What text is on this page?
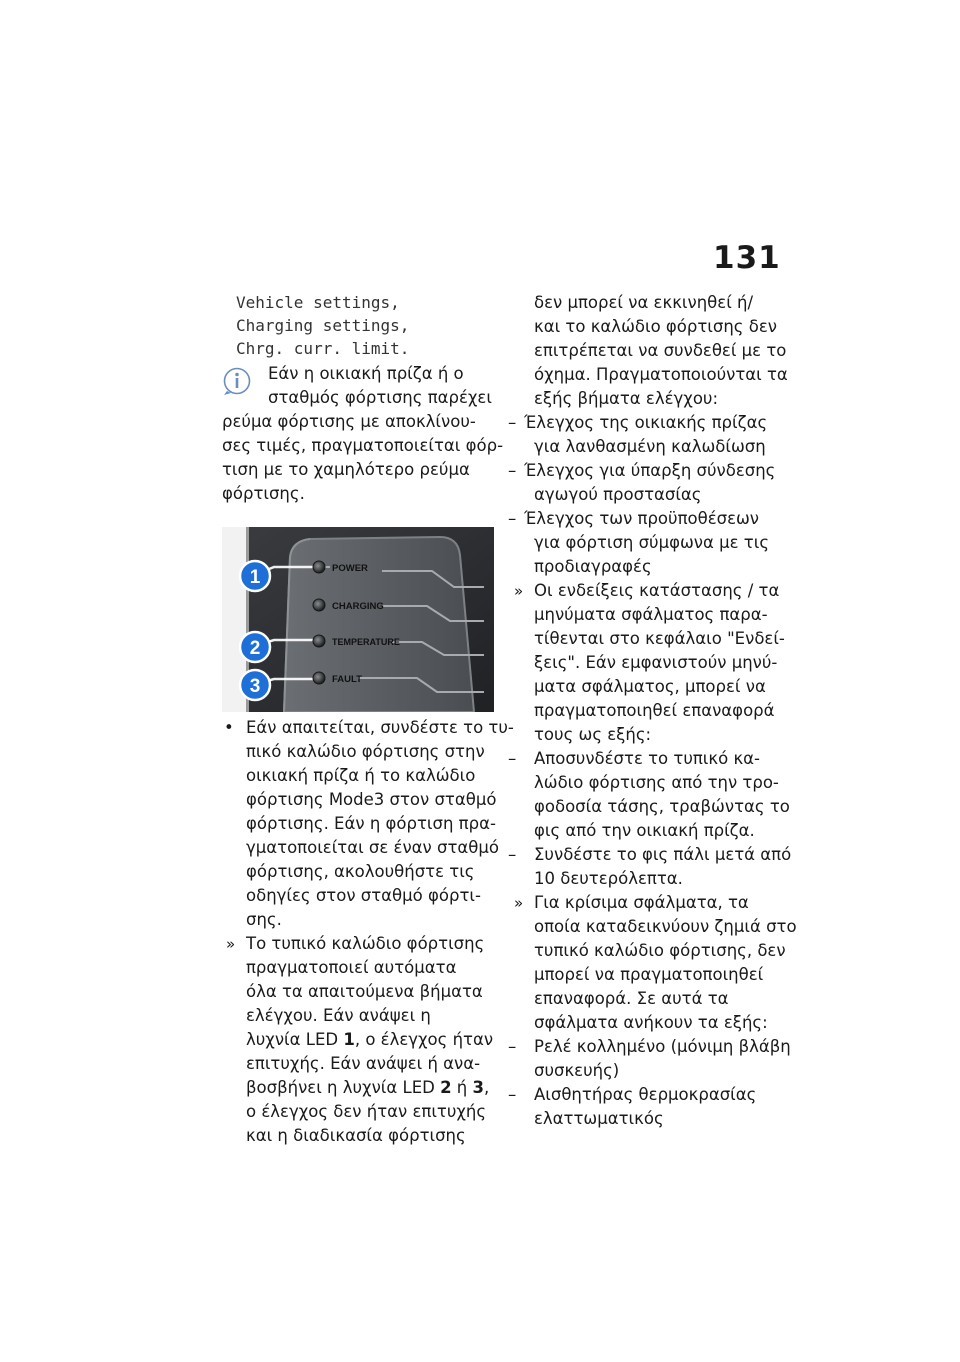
131
Vehicle settings,
Charging settings,
Chrg. curr. limit.
Εάν η οικιακή πρίζα ή ο
σταθμός φόρτισης παρέχει
ρεύμα φόρτισης με αποκλίνου-
σες τιμές, πραγματοποιείται φόρ-
τιση με το χαμηλότερο ρεύμα
φόρτισης.
POWER
CHARGING
TEMPERATURE
FAULT
1
2
3
• Εάν απαιτείται, συνδέστε το τυ-
πικό καλώδιο φόρτισης στην
οικιακή πρίζα ή το καλώδιο
φόρτισης Mode3 στον σταθμό
φόρτισης. Εάν η φόρτιση πρα-
γματοποιείται σε έναν σταθμό
φόρτισης, ακολουθήστε τις
οδηγίες στον σταθμό φόρτι-
σης.
» Το τυπικό καλώδιο φόρτισης
πραγματοποιεί αυτόματα
όλα τα απαιτούμενα βήματα
ελέγχου. Εάν ανάψει η
λυχνία LED 1, ο έλεγχος ήταν
επιτυχής. Εάν ανάψει ή ανα-
βοσβήνει η λυχνία LED 2 ή 3,
ο έλεγχος δεν ήταν επιτυχής
και η διαδικασία φόρτισης
δεν μπορεί να εκκινηθεί ή/
και το καλώδιο φόρτισης δεν
επιτρέπεται να συνδεθεί με το
όχημα. Πραγματοποιούνται τα
εξής βήματα ελέγχου:
– Έλεγχος της οικιακής πρίζας
για λανθασμένη καλωδίωση
– Έλεγχος για ύπαρξη σύνδεσης
αγωγού προστασίας
– Έλεγχος των προϋποθέσεων
για φόρτιση σύμφωνα με τις
προδιαγραφές
» Οι ενδείξεις κατάστασης / τα
μηνύματα σφάλματος παρα-
τίθενται στο κεφάλαιο "Ενδεί-
ξεις". Εάν εμφανιστούν μηνύ-
ματα σφάλματος, μπορεί να
πραγματοποιηθεί επαναφορά
τους ως εξής:
–	Αποσυνδέστε το τυπικό κα-
λώδιο φόρτισης από την τρο-
φοδοσία τάσης, τραβώντας το
φις από την οικιακή πρίζα.
–	Συνδέστε το φις πάλι μετά από
10 δευτερόλεπτα.
» Για κρίσιμα σφάλματα, τα
οποία καταδεικνύουν ζημιά στο
τυπικό καλώδιο φόρτισης, δεν
μπορεί να πραγματοποιηθεί
επαναφορά. Σε αυτά τα
σφάλματα ανήκουν τα εξής:
–	Ρελέ κολλημένο (μόνιμη βλάβη
συσκευής)
–	Αισθητήρας θερμοκρασίας
ελαττωματικός
